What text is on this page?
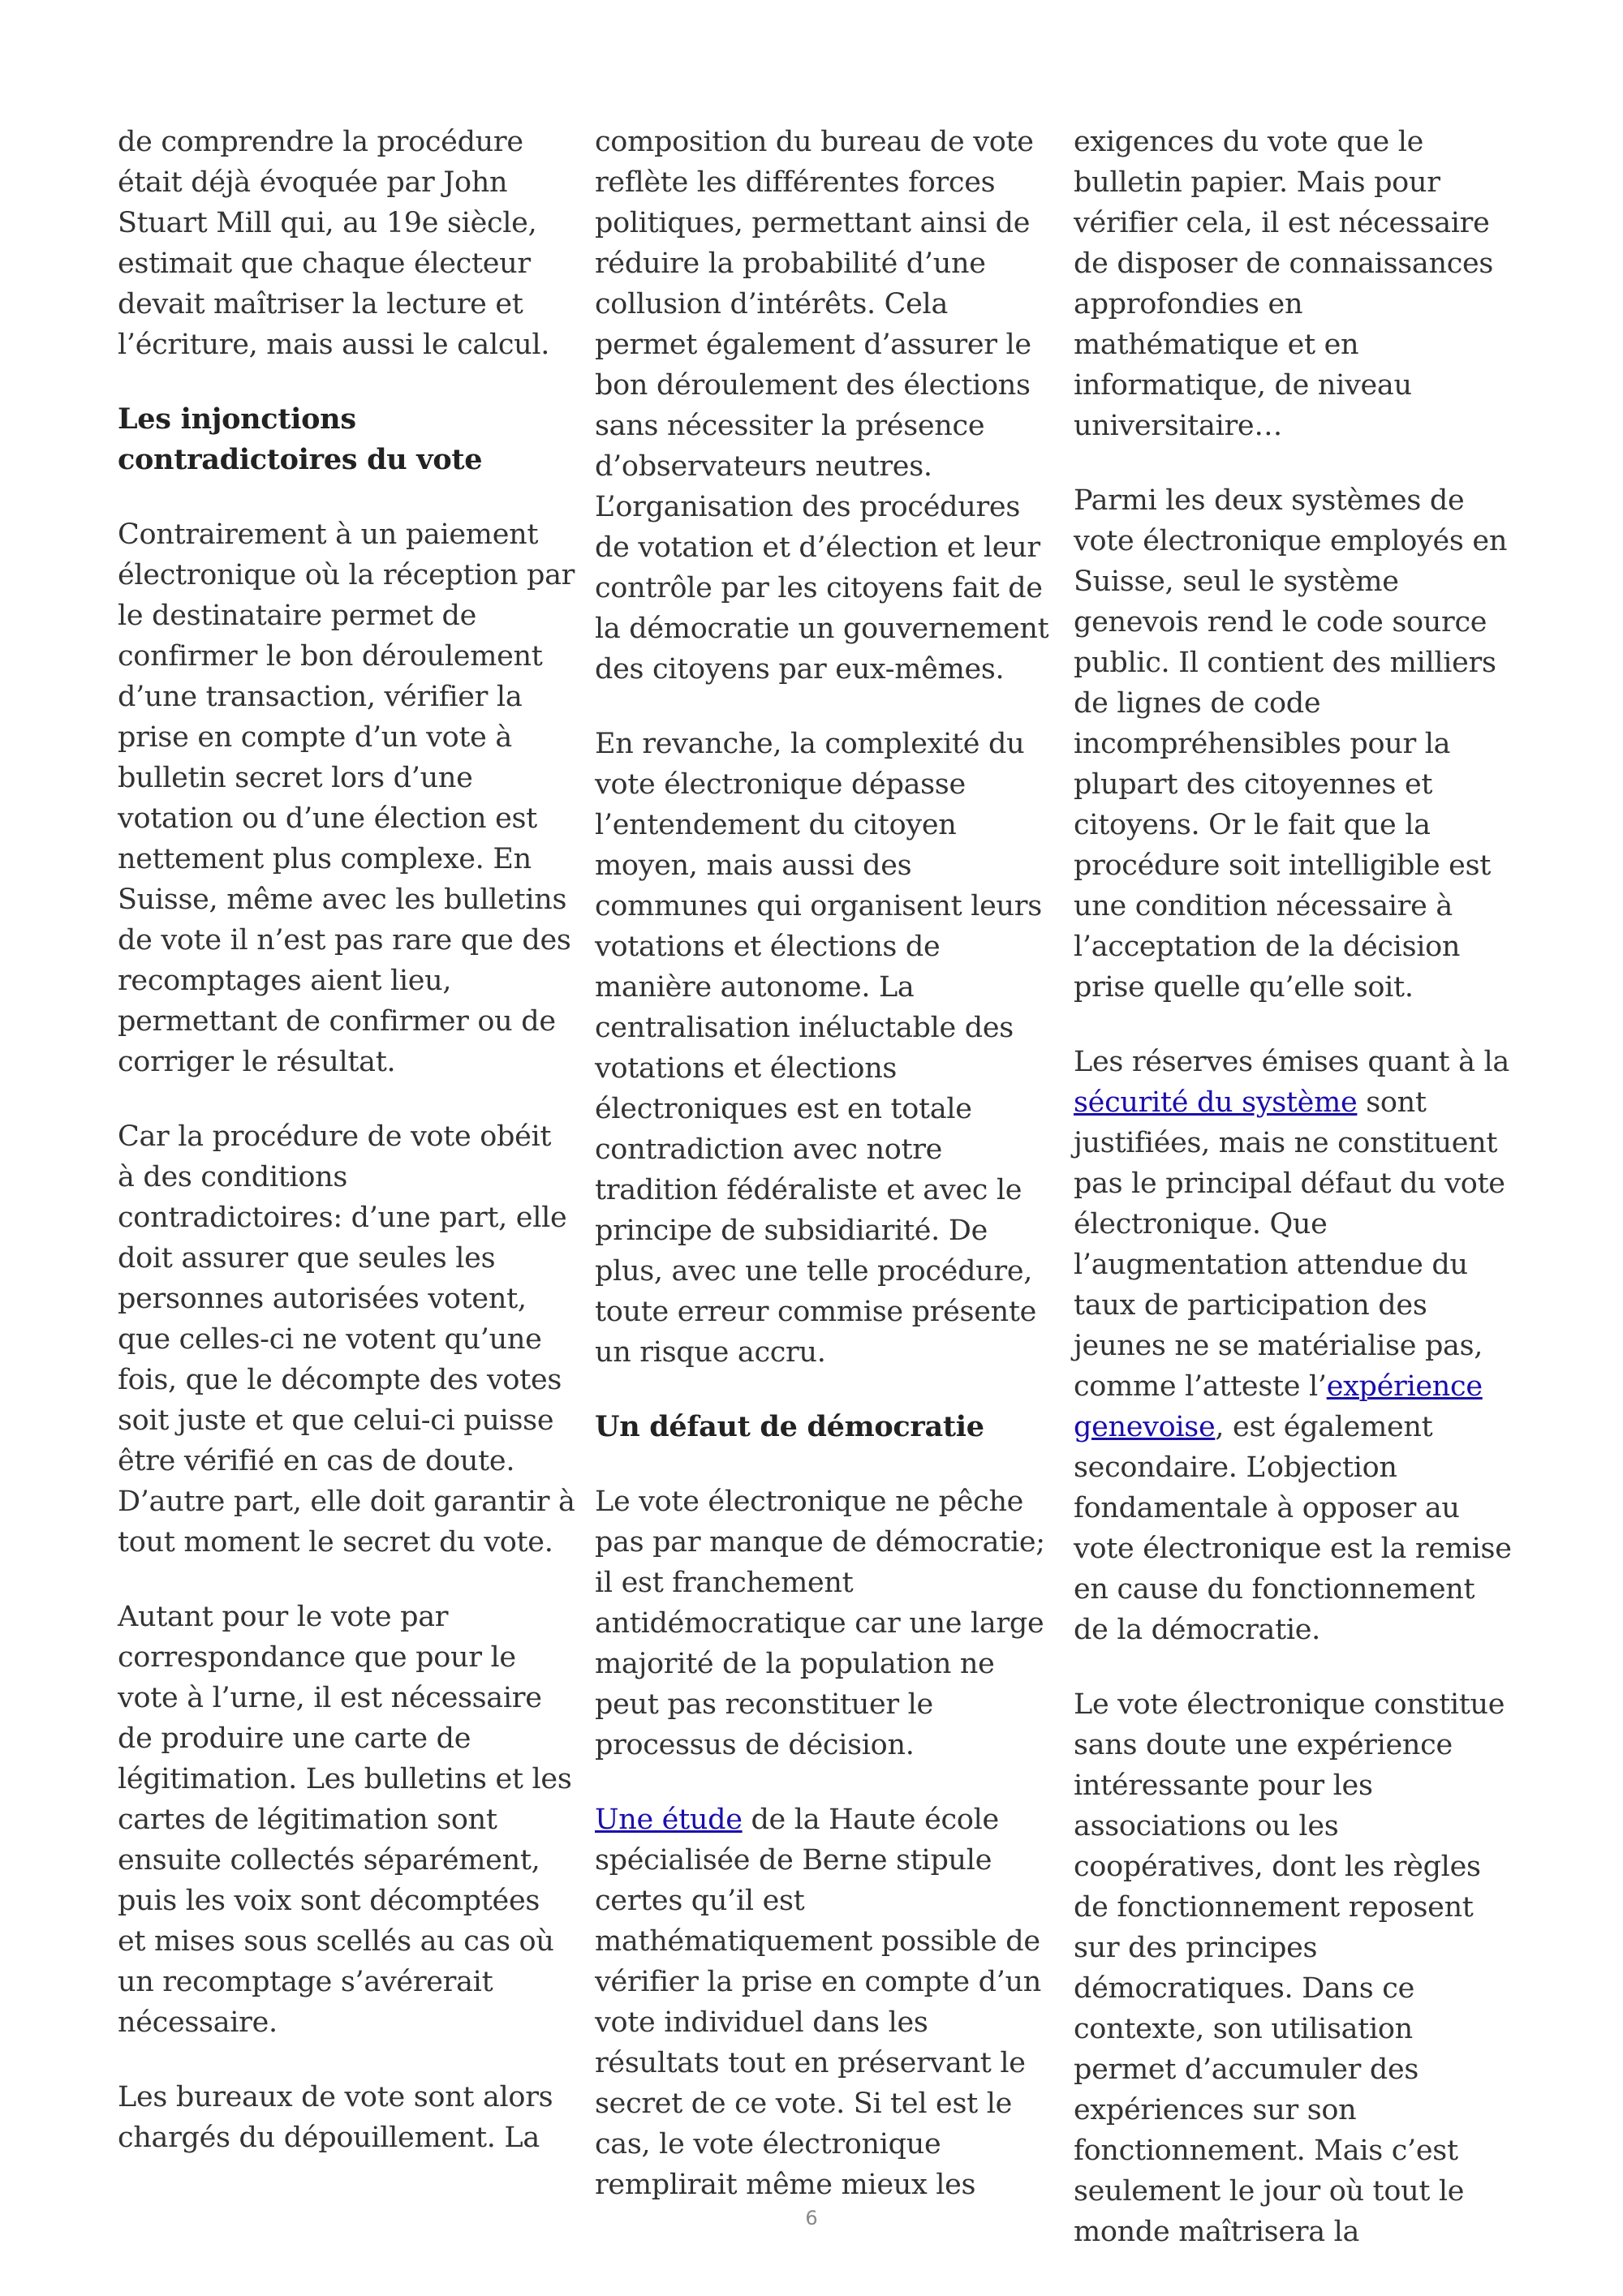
de comprendre la procédure était déjà évoquée par John Stuart Mill qui, au 19e siècle, estimait que chaque électeur devait maîtriser la lecture et l’écriture, mais aussi le calcul.

Les injonctions contradictoires du vote

Contrairement à un paiement électronique où la réception par le destinataire permet de confirmer le bon déroulement d’une transaction, vérifier la prise en compte d’un vote à bulletin secret lors d’une votation ou d’une élection est nettement plus complexe. En Suisse, même avec les bulletins de vote il n’est pas rare que des recomptages aient lieu, permettant de confirmer ou de corriger le résultat.

Car la procédure de vote obéit à des conditions contradictoires: d’une part, elle doit assurer que seules les personnes autorisées votent, que celles-ci ne votent qu’une fois, que le décompte des votes soit juste et que celui-ci puisse être vérifié en cas de doute. D’autre part, elle doit garantir à tout moment le secret du vote.

Autant pour le vote par correspondance que pour le vote à l’urne, il est nécessaire de produire une carte de légitimation. Les bulletins et les cartes de légitimation sont ensuite collectés séparément, puis les voix sont décomptées et mises sous scellés au cas où un recomptage s’avérerait nécessaire.

Les bureaux de vote sont alors chargés du dépouillement. La

composition du bureau de vote reflète les différentes forces politiques, permettant ainsi de réduire la probabilité d’une collusion d’intérêts. Cela permet également d’assurer le bon déroulement des élections sans nécessiter la présence d’observateurs neutres. L’organisation des procédures de votation et d’élection et leur contrôle par les citoyens fait de la démocratie un gouvernement des citoyens par eux-mêmes.

En revanche, la complexité du vote électronique dépasse l’entendement du citoyen moyen, mais aussi des communes qui organisent leurs votations et élections de manière autonome. La centralisation inéluctable des votations et élections électroniques est en totale contradiction avec notre tradition fédéraliste et avec le principe de subsidiarité. De plus, avec une telle procédure, toute erreur commise présente un risque accru.

Un défaut de démocratie

Le vote électronique ne pêche pas par manque de démocratie; il est franchement antidémocratique car une large majorité de la population ne peut pas reconstituer le processus de décision.

Une étude de la Haute école spécialisée de Berne stipule certes qu’il est mathématiquement possible de vérifier la prise en compte d’un vote individuel dans les résultats tout en préservant le secret de ce vote. Si tel est le cas, le vote électronique remplirait même mieux les

exigences du vote que le bulletin papier. Mais pour vérifier cela, il est nécessaire de disposer de connaissances approfondies en mathématique et en informatique, de niveau universitaire…

Parmi les deux systèmes de vote électronique employés en Suisse, seul le système genevois rend le code source public. Il contient des milliers de lignes de code incompréhensibles pour la plupart des citoyennes et citoyens. Or le fait que la procédure soit intelligible est une condition nécessaire à l’acceptation de la décision prise quelle qu’elle soit.

Les réserves émises quant à la sécurité du système sont justifiées, mais ne constituent pas le principal défaut du vote électronique. Que l’augmentation attendue du taux de participation des jeunes ne se matérialise pas, comme l’atteste l’expérience genevoise, est également secondaire. L’objection fondamentale à opposer au vote électronique est la remise en cause du fonctionnement de la démocratie.

Le vote électronique constitue sans doute une expérience intéressante pour les associations ou les coopératives, dont les règles de fonctionnement reposent sur des principes démocratiques. Dans ce contexte, son utilisation permet d’accumuler des expériences sur son fonctionnement. Mais c’est seulement le jour où tout le monde maîtrisera la

6
